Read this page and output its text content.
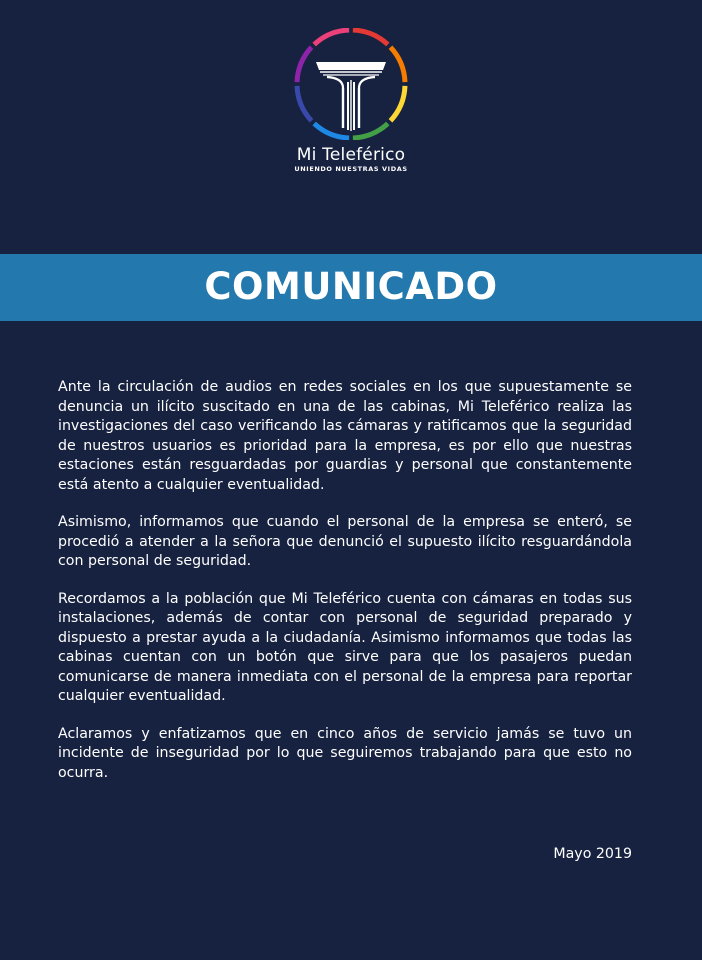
Mi Teleférico
UNIENDO NUESTRAS VIDAS
COMUNICADO

Ante la circulación de audios en redes sociales en los que supuestamente se denuncia un ilícito suscitado en una de las cabinas, Mi Teleférico realiza las investigaciones del caso verificando las cámaras y ratificamos que la seguridad de nuestros usuarios es prioridad para la empresa, es por ello que nuestras estaciones están resguardadas por guardias y personal que constantemente está atento a cualquier eventualidad.

Asimismo, informamos que cuando el personal de la empresa se enteró, se procedió a atender a la señora que denunció el supuesto ilícito resguardándola con personal de seguridad.

Recordamos a la población que Mi Teleférico cuenta con cámaras en todas sus instalaciones, además de contar con personal de seguridad preparado y dispuesto a prestar ayuda a la ciudadanía. Asimismo informamos que todas las cabinas cuentan con un botón que sirve para que los pasajeros puedan comunicarse de manera inmediata con el personal de la empresa para reportar cualquier eventualidad.

Aclaramos y enfatizamos que en cinco años de servicio jamás se tuvo un incidente de inseguridad por lo que seguiremos trabajando para que esto no ocurra.

Mayo 2019
